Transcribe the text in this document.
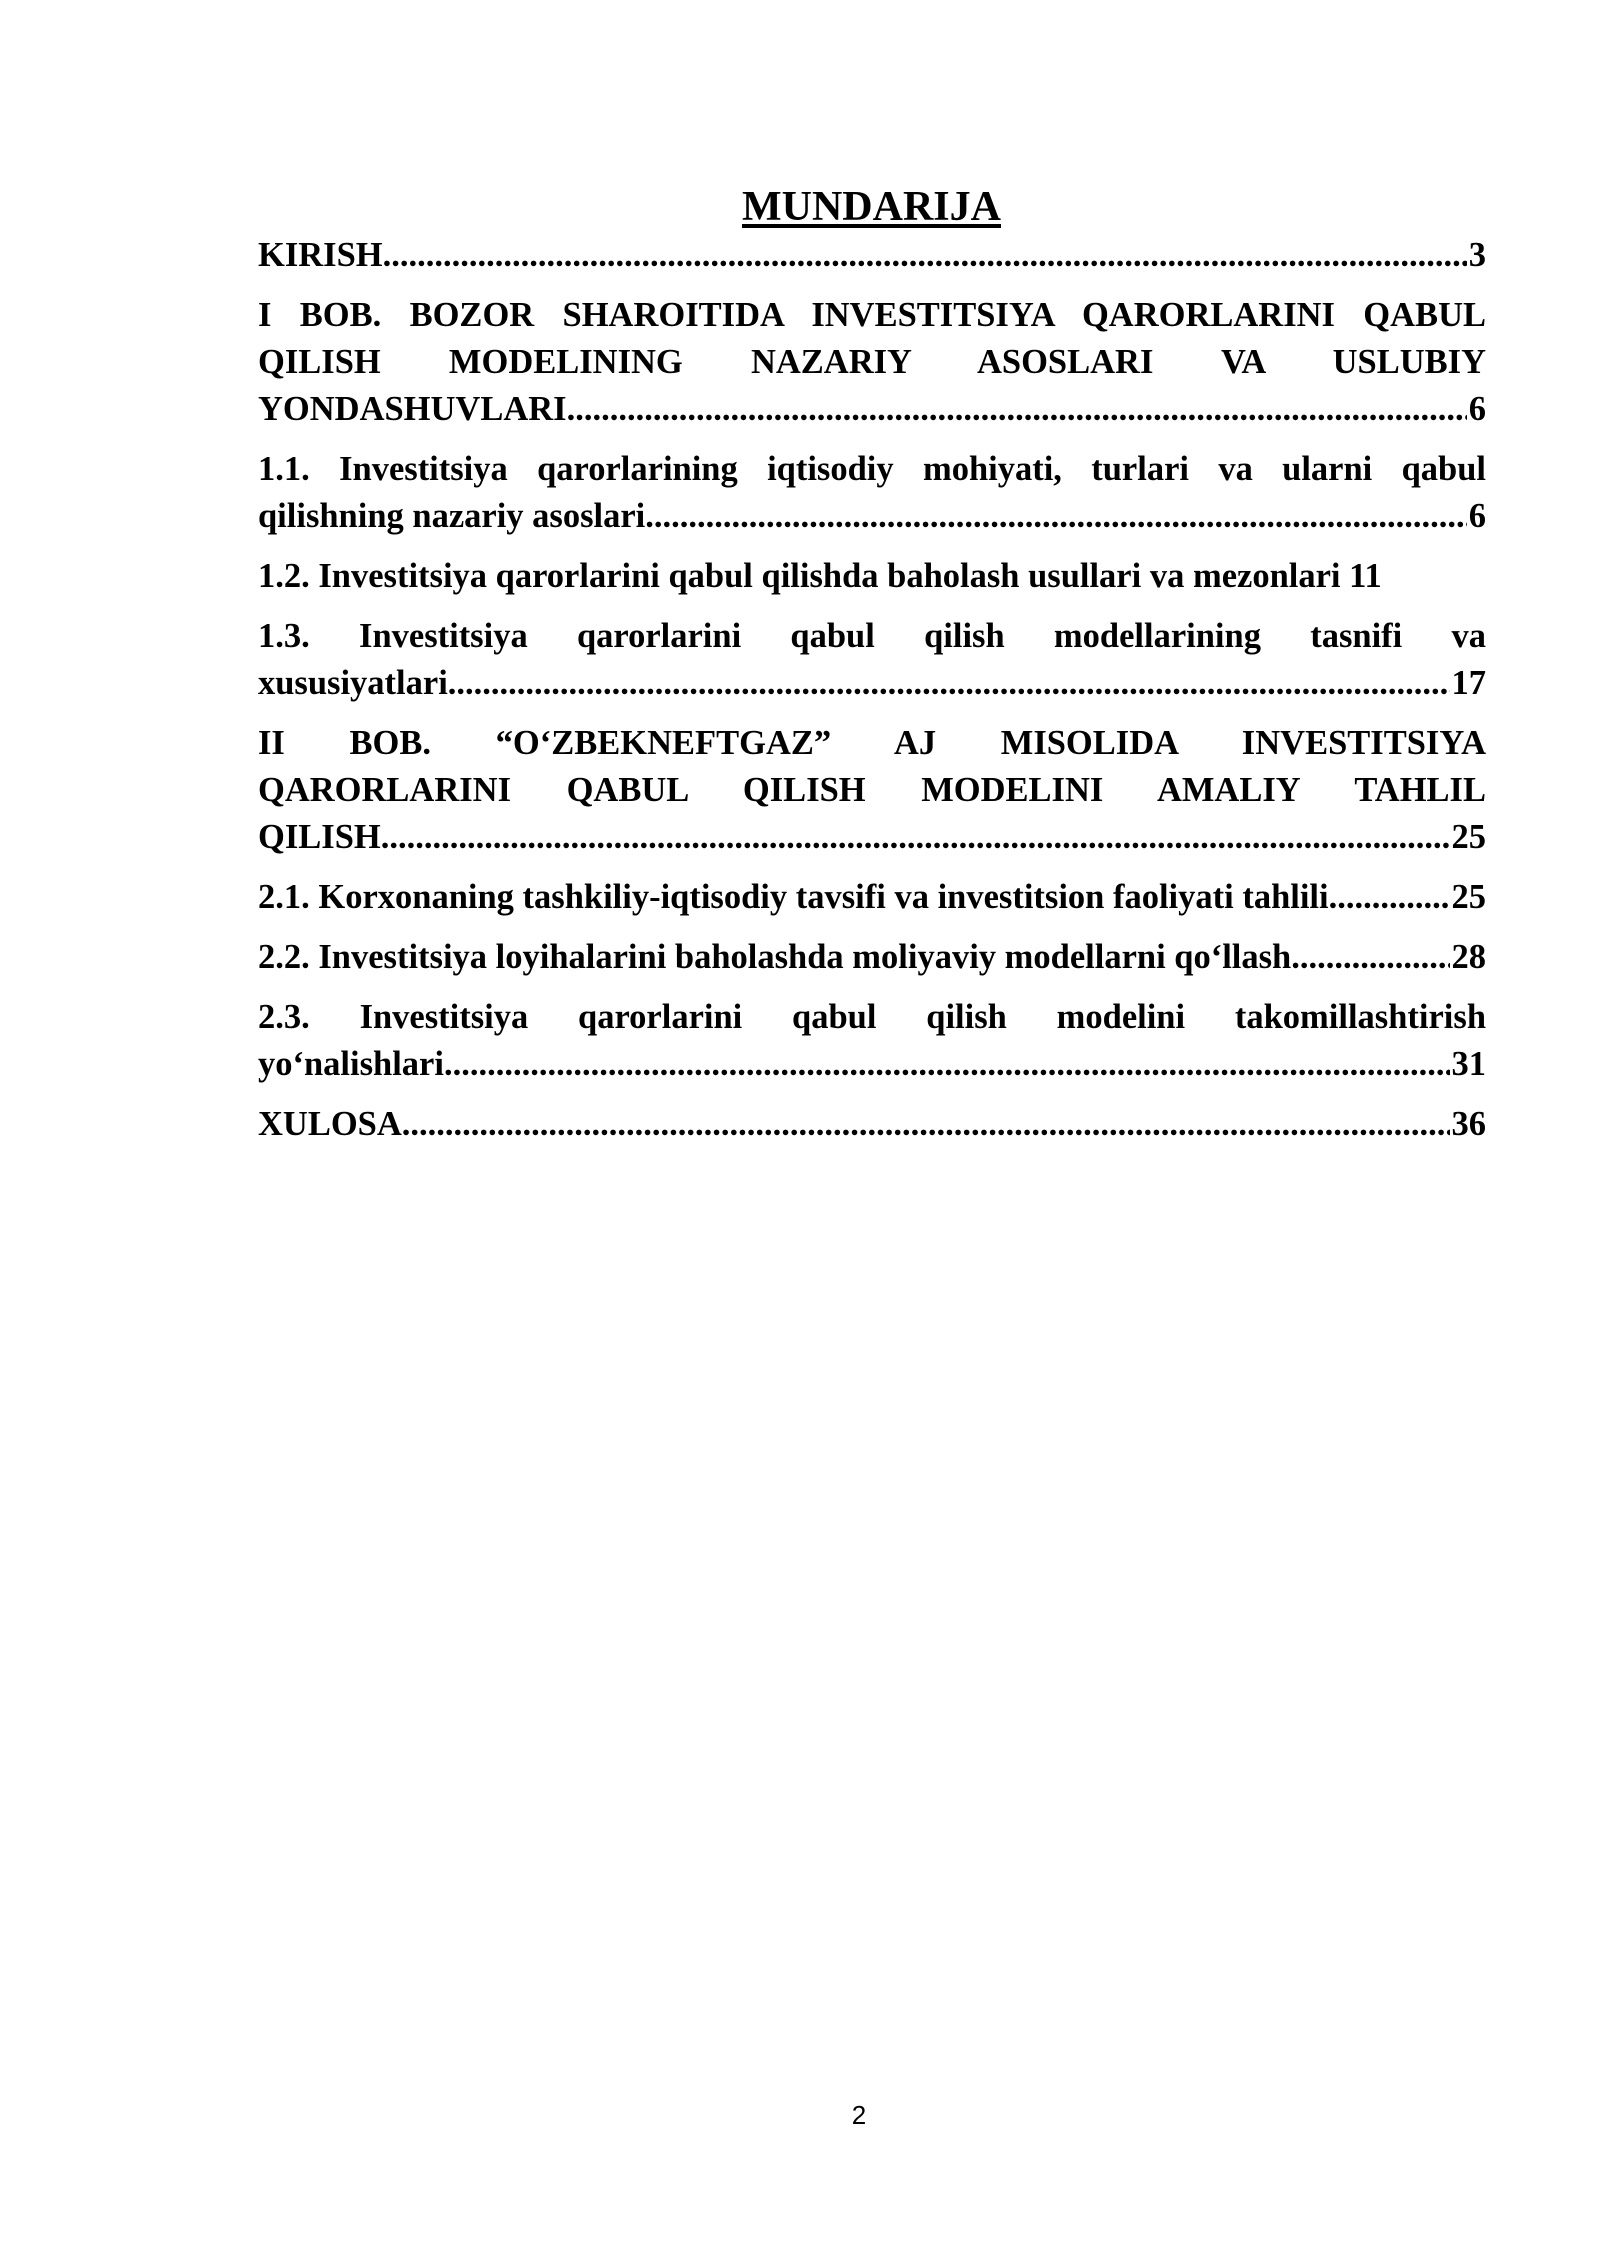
MUNDARIJA
KIRISH .....	3
I BOB. BOZOR SHAROITIDA INVESTITSIYA QARORLARINI QABUL
QILISH MODELINING NAZARIY ASOSLARI VA USLUBIY
YONDASHUVLARI .....	6
1.1. Investitsiya qarorlarining iqtisodiy mohiyati, turlari va ularni qabul
qilishning nazariy asoslari .....	6
1.2. Investitsiya qarorlarini qabul qilishda baholash usullari va mezonlari 11
1.3. Investitsiya qarorlarini qabul qilish modellarining tasnifi va
xususiyatlari .....	17
II BOB. “O‘ZBEKNEFTGAZ” AJ MISOLIDA INVESTITSIYA
QARORLARINI QABUL QILISH MODELINI AMALIY TAHLIL
QILISH .....	25
2.1. Korxonaning tashkiliy-iqtisodiy tavsifi va investitsion faoliyati tahlili .....	25
2.2. Investitsiya loyihalarini baholashda moliyaviy modellarni qo‘llash .....	28
2.3. Investitsiya qarorlarini qabul qilish modelini takomillashtirish
yo‘nalishlari .....	31
XULOSA .....	36
2
